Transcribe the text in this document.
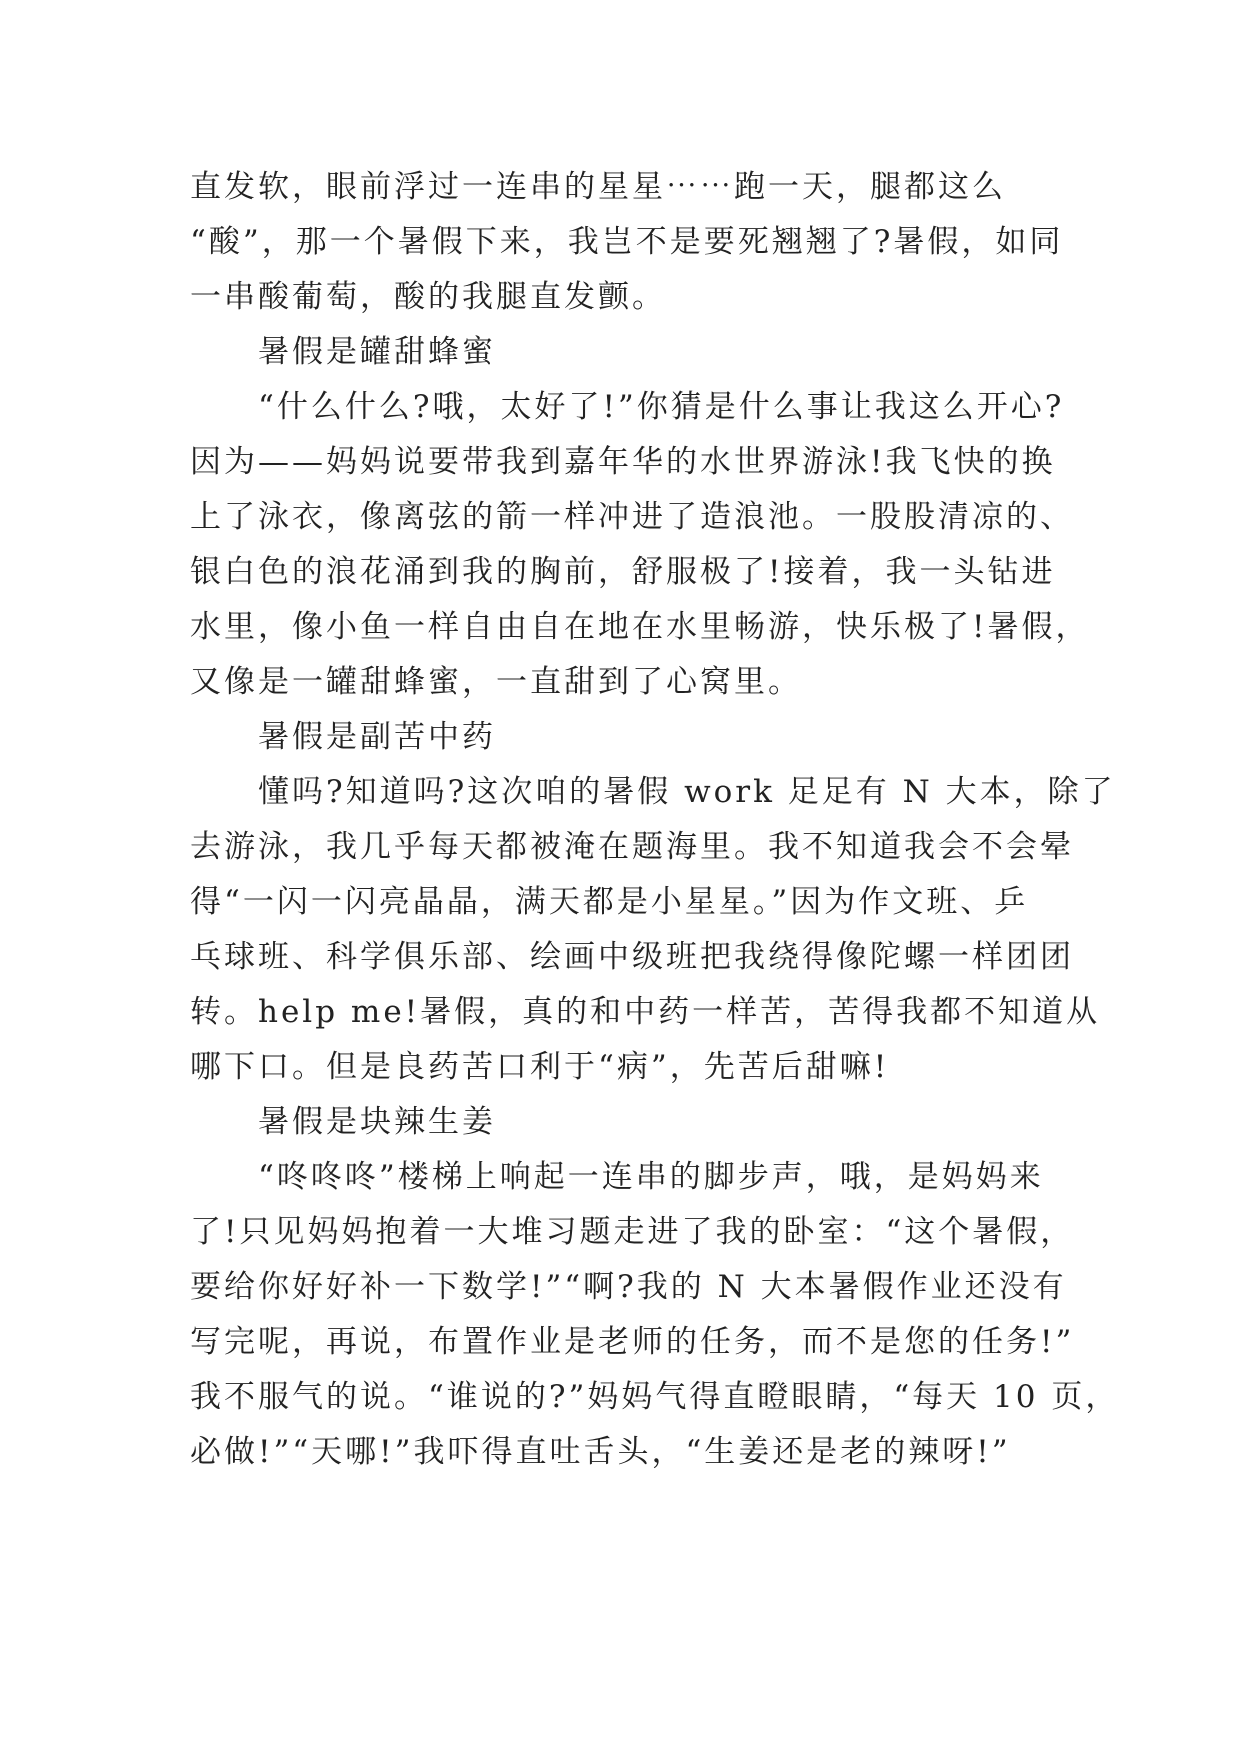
直发软，眼前浮过一连串的星星⋯⋯跑一天，腿都这么
“酸”，那一个暑假下来，我岂不是要死翘翘了?暑假，如同
一串酸葡萄，酸的我腿直发颤。
　　暑假是罐甜蜂蜜
　　“什么什么?哦，太好了!”你猜是什么事让我这么开心?
因为——妈妈说要带我到嘉年华的水世界游泳!我飞快的换
上了泳衣，像离弦的箭一样冲进了造浪池。一股股清凉的、
银白色的浪花涌到我的胸前，舒服极了!接着，我一头钻进
水里，像小鱼一样自由自在地在水里畅游，快乐极了!暑假，
又像是一罐甜蜂蜜，一直甜到了心窝里。
　　暑假是副苦中药
　　懂吗?知道吗?这次咱的暑假 work 足足有 N 大本，除了
去游泳，我几乎每天都被淹在题海里。我不知道我会不会晕
得“一闪一闪亮晶晶，满天都是小星星。”因为作文班、乒
乓球班、科学俱乐部、绘画中级班把我绕得像陀螺一样团团
转。help me!暑假，真的和中药一样苦，苦得我都不知道从
哪下口。但是良药苦口利于“病”，先苦后甜嘛!
　　暑假是块辣生姜
　　“咚咚咚”楼梯上响起一连串的脚步声，哦，是妈妈来
了!只见妈妈抱着一大堆习题走进了我的卧室：“这个暑假，
要给你好好补一下数学!”“啊?我的 N 大本暑假作业还没有
写完呢，再说，布置作业是老师的任务，而不是您的任务!”
我不服气的说。“谁说的?”妈妈气得直瞪眼睛，“每天 10 页，
必做!”“天哪!”我吓得直吐舌头，“生姜还是老的辣呀!”
